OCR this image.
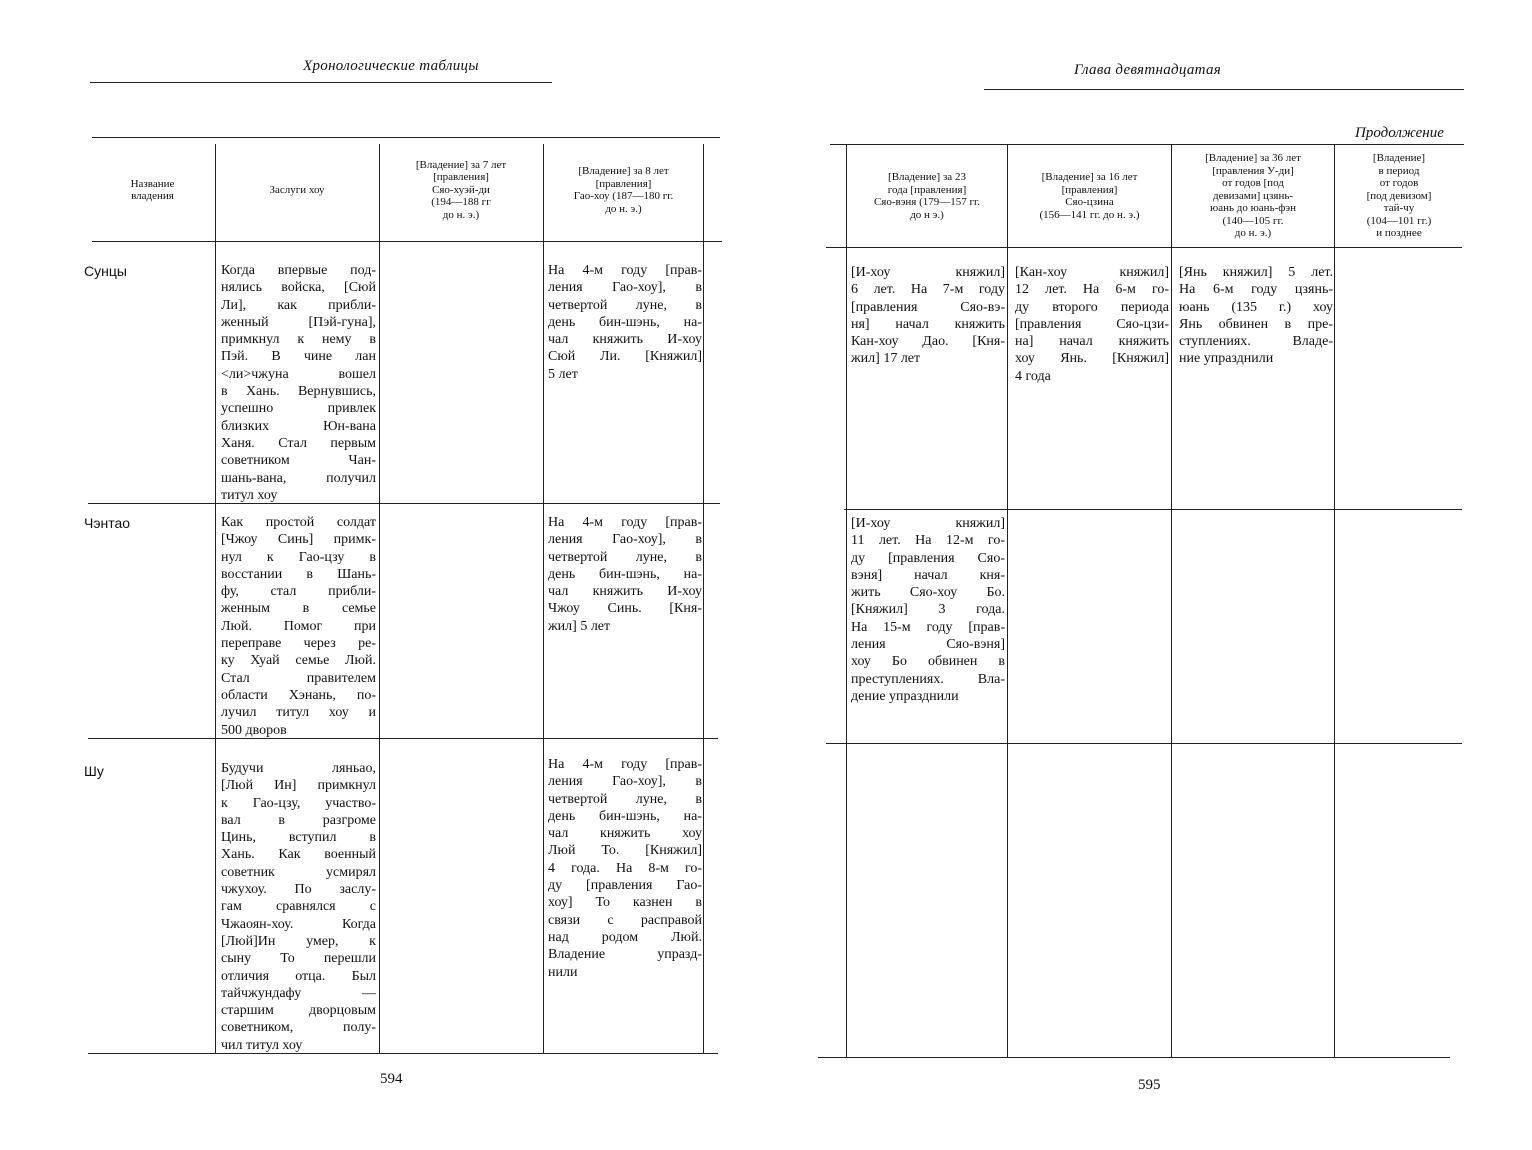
Хронологические таблицы
Название
владения
Заслуги хоу
[Владение] за 7 лет
[правления]
Сяо-хуэй-ди
(194—188 гг
до н. э.)
[Владение] за 8 лет
[правления]
Гао-хоу (187—180 гг.
до н. э.)
Сунцы
Чэнтао
Шу
Когда впервые под-
нялись войска, [Сюй
Ли], как прибли-
женный [Пэй-гуна],
примкнул к нему в
Пэй. В чине лан
<ли>чжуна вошел
в Хань. Вернувшись,
успешно привлек
близких Юн-вана
Ханя. Стал первым
советником Чан-
шань-вана, получил
титул хоу
На 4-м году [прав-
ления Гао-хоу], в
четвертой луне, в
день бин-шэнь, на-
чал княжить И-хоу
Сюй Ли. [Княжил]
5 лет
Как простой солдат
[Чжоу Синь] примк-
нул к Гао-цзу в
восстании в Шань-
фу, стал прибли-
женным в семье
Люй. Помог при
переправе через ре-
ку Хуай семье Люй.
Стал правителем
области Хэнань, по-
лучил титул хоу и
500 дворов
На 4-м году [прав-
ления Гао-хоу], в
четвертой луне, в
день бин-шэнь, на-
чал княжить И-хоу
Чжоу Синь. [Кня-
жил] 5 лет
Будучи ляньао,
[Люй Ин] примкнул
к Гао-цзу, участво-
вал в разгроме
Цинь, вступил в
Хань. Как военный
советник усмирял
чжухоу. По заслу-
гам сравнялся с
Чжаоян-хоу. Когда
[Люй]Ин умер, к
сыну То перешли
отличия отца. Был
тайчжундафу —
старшим дворцовым
советником, полу-
чил титул хоу
На 4-м году [прав-
ления Гао-хоу], в
четвертой луне, в
день бин-шэнь, на-
чал княжить хоу
Люй То. [Княжил]
4 года. На 8-м го-
ду [правления Гао-
хоу] То казнен в
связи с расправой
над родом Люй.
Владение упразд-
нили
594
Глава девятнадцатая
Продолжение
[Владение] за 23
года [правления]
Сяо-вэня (179—157 гг.
до н э.)
[Владение] за 16 лет
[правления]
Сяо-цзина
(156—141 гг. до н. э.)
[Владение] за 36 лет
[правления У-ди]
от годов [под
девизами] цзянь-
юань до юань-фэн
(140—105 гг.
до н. э.)
[Владение]
в период
от годов
[под девизом]
тай-чу
(104—101 гг.)
и позднее
[И-хоу княжил]
6 лет. На 7-м году
[правления Сяо-вэ-
ня] начал княжить
Кан-хоу Дао. [Кня-
жил] 17 лет
[Кан-хоу княжил]
12 лет. На 6-м го-
ду второго периода
[правления Сяо-цзи-
на] начал княжить
хоу Янь. [Княжил]
4 года
[Янь княжил] 5 лет.
На 6-м году цзянь-
юань (135 г.) хоу
Янь обвинен в пре-
ступлениях. Владе-
ние упразднили
[И-хоу княжил]
11 лет. На 12-м го-
ду [правления Сяо-
вэня] начал кня-
жить Сяо-хоу Бо.
[Княжил] 3 года.
На 15-м году [прав-
ления Сяо-вэня]
хоу Бо обвинен в
преступлениях. Вла-
дение упразднили
595
